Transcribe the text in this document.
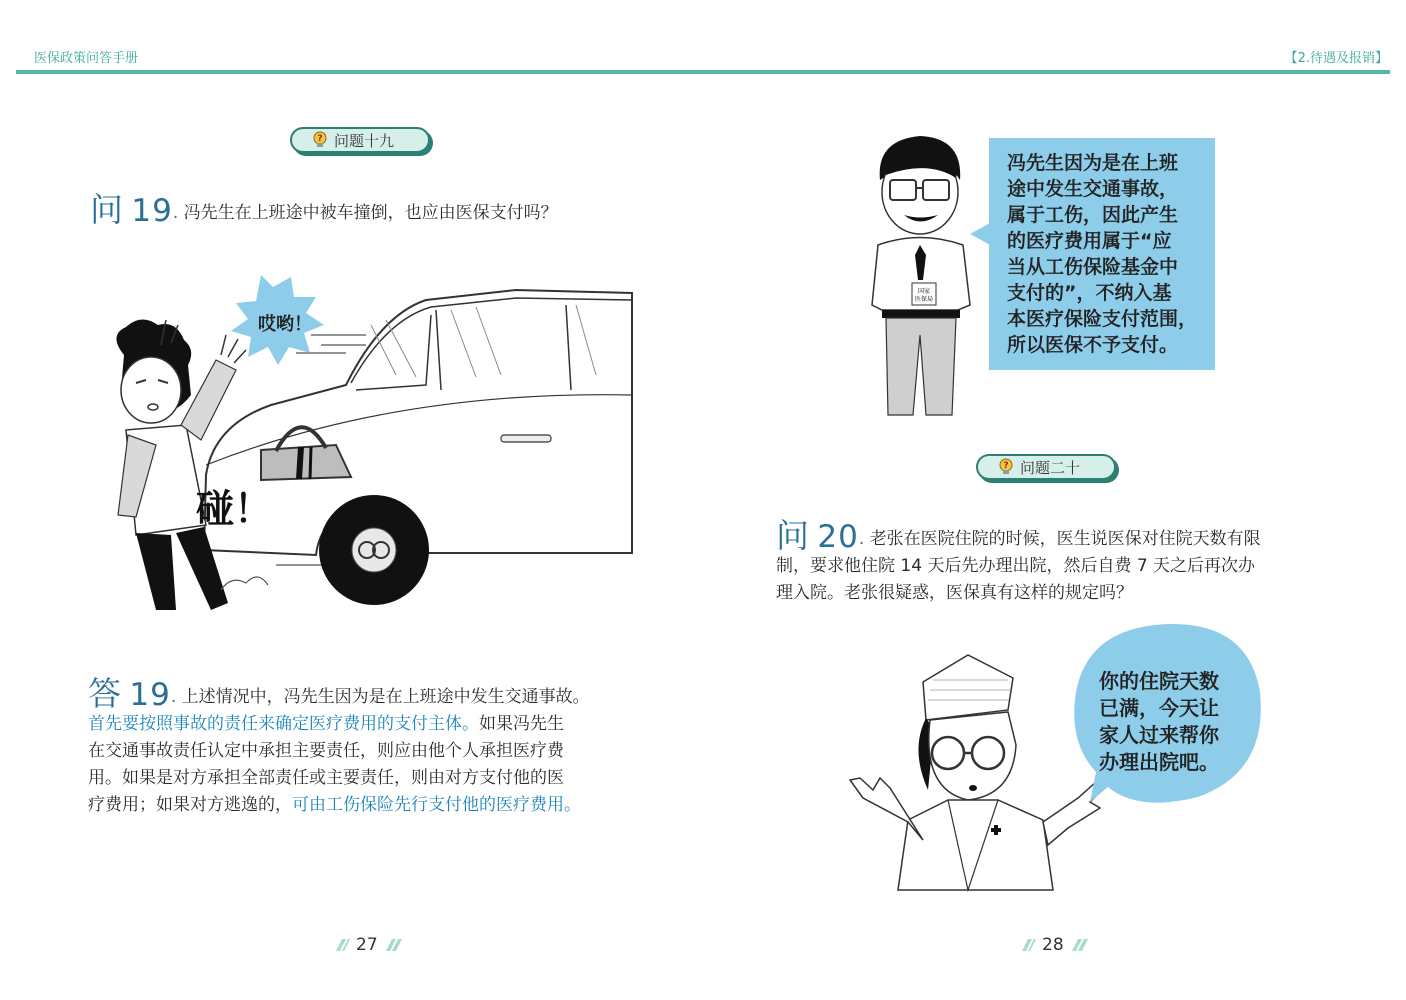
医保政策问答手册	【2.待遇及报销】
? 问题十九
问 19. 冯先生在上班途中被车撞倒，也应由医保支付吗？
哎哟！
碰！

答 19. 上述情况中，冯先生因为是在上班途中发生交通事故。

首先要按照事故的责任来确定医疗费用的支付主体。如果冯先生

在交通事故责任认定中承担主要责任，则应由他个人承担医疗费

用。如果是对方承担全部责任或主要责任，则由对方支付他的医

疗费用；如果对方逃逸的，可由工伤保险先行支付他的医疗费用。

27
国家
医保局

冯先生因为是在上班

途中发生交通事故，

属于工伤，因此产生

的医疗费用属于“应

当从工伤保险基金中

支付的”，不纳入基

本医疗保险支付范围，

所以医保不予支付。

? 问题二十
问 20. 老张在医院住院的时候，医生说医保对住院天数有限
制，要求他住院 14 天后先办理出院，然后自费 7 天之后再次办
理入院。老张很疑惑，医保真有这样的规定吗？

你的住院天数

已满，今天让

家人过来帮你

办理出院吧。

28
